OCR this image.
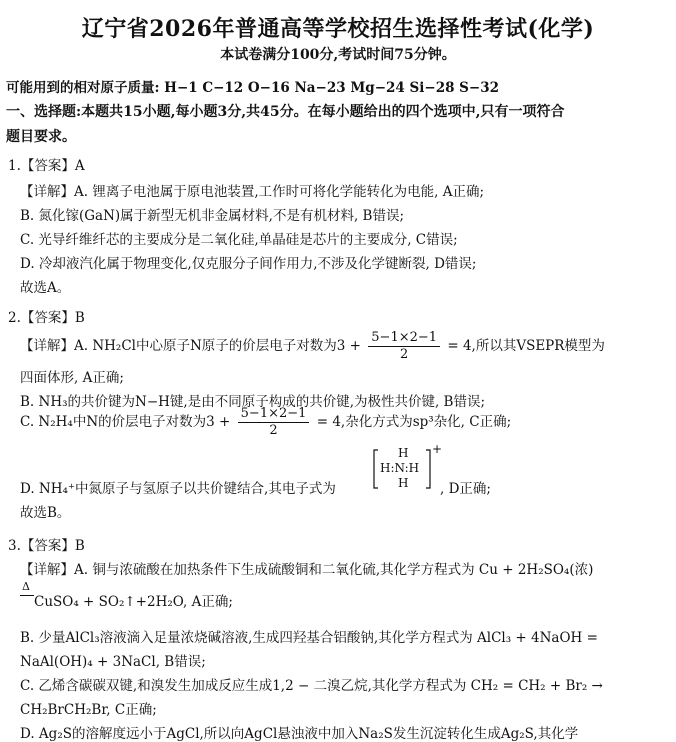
辽宁省2026年普通高等学校招生选择性考试(化学)
本试卷满分100分,考试时间75分钟。
可能用到的相对原子质量: H−1 C−12 O−16 Na−23 Mg−24 Si−28 S−32
一、选择题:本题共15小题,每小题3分,共45分。在每小题给出的四个选项中,只有一项符合
题目要求。
1.【答案】A
【详解】A. 锂离子电池属于原电池装置,工作时可将化学能转化为电能, A正确;
B. 氮化镓(GaN)属于新型无机非金属材料,不是有机材料, B错误;
C. 光导纤维纤芯的主要成分是二氧化硅,单晶硅是芯片的主要成分, C错误;
D. 冷却液汽化属于物理变化,仅克服分子间作用力,不涉及化学键断裂, D错误;
故选A。
2.【答案】B
【详解】A. NH₂Cl中心原子N原子的价层电子对数为$3 + \frac{5-1\times 2-1}{2} = 4$,所以其VSEPR模型为
四面体形, A正确;
B. NH₃的共价键为N−H键,是由不同原子构成的共价键,为极性共价键, B错误;
C. N₂H₄中N的价层电子对数为$3 + \frac{5-1\times 2-1}{2} = 4$,杂化方式为sp³杂化, C正确;
D. NH₄⁺中氮原子与氢原子以共价键结合,其电子式为
H
H:N:H
H
+
, D正确;
故选B。
3.【答案】B
【详解】A. 铜与浓硫酸在加热条件下生成硫酸铜和二氧化硫,其化学方程式为 Cu + 2H₂SO₄(浓)
Δ
CuSO₄ + SO₂↑+2H₂O, A正确;
B. 少量AlCl₃溶液滴入足量浓烧碱溶液,生成四羟基合铝酸钠,其化学方程式为 AlCl₃ + 4NaOH =
NaAl(OH)₄ + 3NaCl, B错误;
C. 乙烯含碳碳双键,和溴发生加成反应生成1,2 − 二溴乙烷,其化学方程式为 CH₂ = CH₂ + Br₂ →
CH₂BrCH₂Br, C正确;
D. Ag₂S的溶解度远小于AgCl,所以向AgCl悬浊液中加入Na₂S发生沉淀转化生成Ag₂S,其化学
